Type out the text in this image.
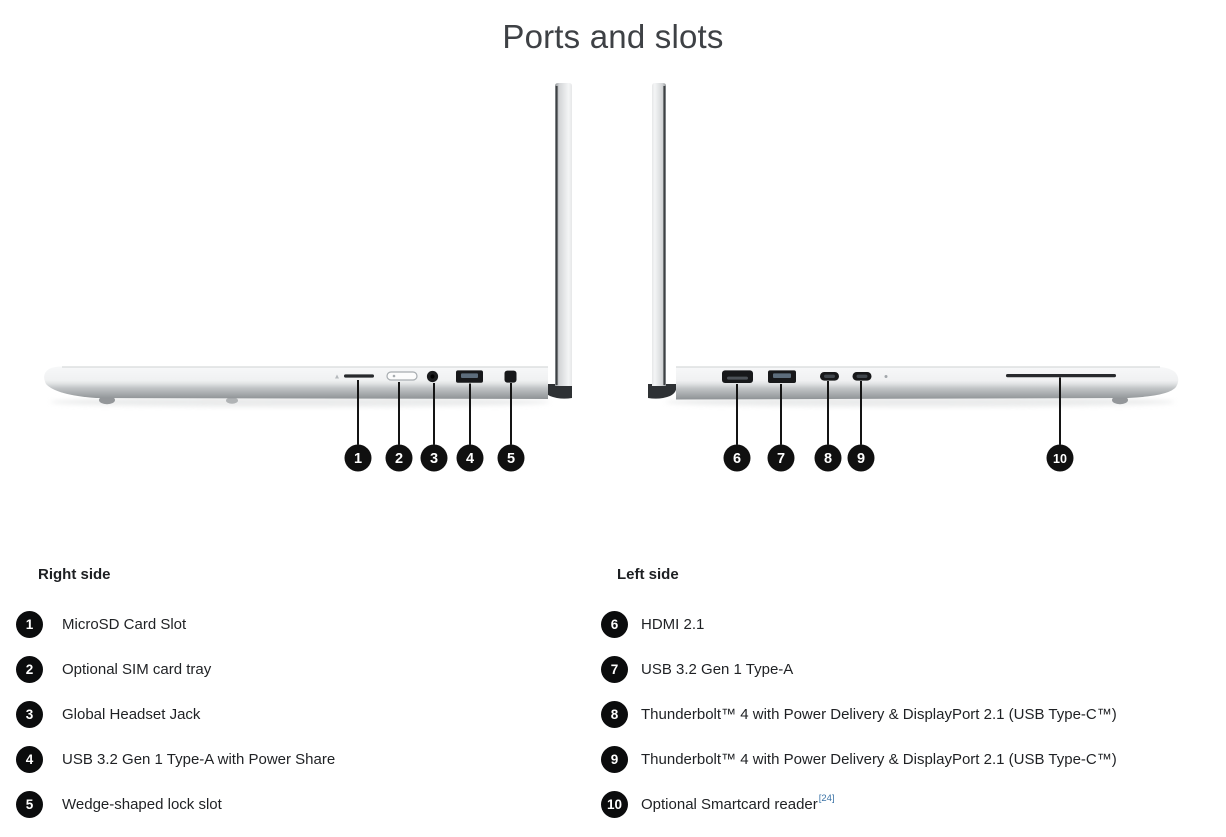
Ports and slots
1 2 3 4 5	6 7	8 9	10
Right side
1	MicroSD Card Slot
2	Optional SIM card tray
3	Global Headset Jack
4	USB 3.2 Gen 1 Type-A with Power Share
5	Wedge-shaped lock slot
Left side
6	HDMI 2.1
7	USB 3.2 Gen 1 Type-A
8	Thunderbolt™ 4 with Power Delivery & DisplayPort 2.1 (USB Type-C™)
9	Thunderbolt™ 4 with Power Delivery & DisplayPort 2.1 (USB Type-C™)
10	Optional Smartcard reader[24]
